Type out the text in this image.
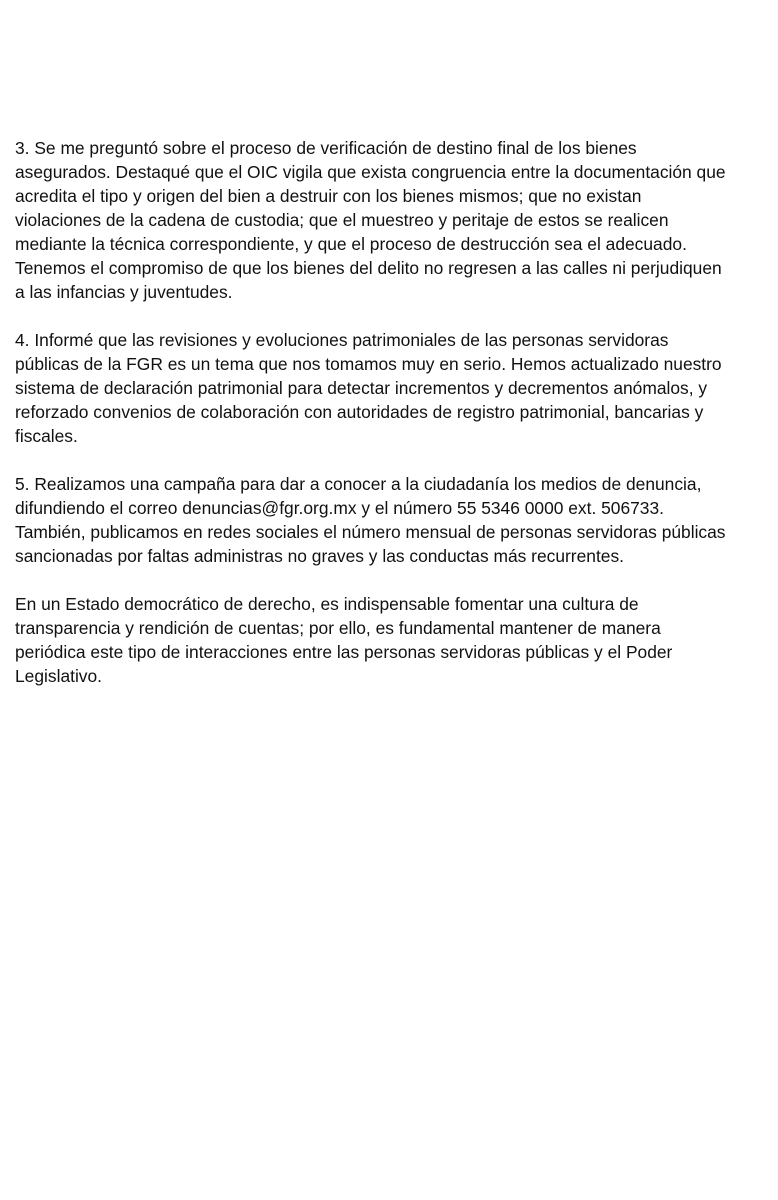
3. Se me preguntó sobre el proceso de verificación de destino final de los bienes
asegurados. Destaqué que el OIC vigila que exista congruencia entre la documentación que
acredita el tipo y origen del bien a destruir con los bienes mismos; que no existan
violaciones de la cadena de custodia; que el muestreo y peritaje de estos se realicen
mediante la técnica correspondiente, y que el proceso de destrucción sea el adecuado.
Tenemos el compromiso de que los bienes del delito no regresen a las calles ni perjudiquen
a las infancias y juventudes.

4. Informé que las revisiones y evoluciones patrimoniales de las personas servidoras
públicas de la FGR es un tema que nos tomamos muy en serio. Hemos actualizado nuestro
sistema de declaración patrimonial para detectar incrementos y decrementos anómalos, y
reforzado convenios de colaboración con autoridades de registro patrimonial, bancarias y
fiscales.

5. Realizamos una campaña para dar a conocer a la ciudadanía los medios de denuncia,
difundiendo el correo denuncias@fgr.org.mx y el número 55 5346 0000 ext. 506733.
También, publicamos en redes sociales el número mensual de personas servidoras públicas
sancionadas por faltas administras no graves y las conductas más recurrentes.

En un Estado democrático de derecho, es indispensable fomentar una cultura de
transparencia y rendición de cuentas; por ello, es fundamental mantener de manera
periódica este tipo de interacciones entre las personas servidoras públicas y el Poder
Legislativo.
